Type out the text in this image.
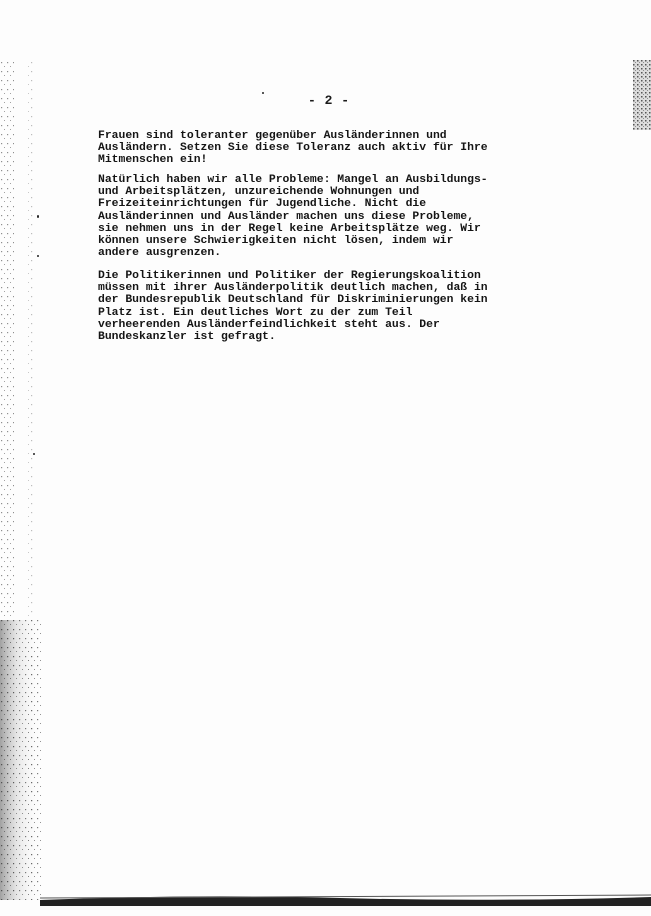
- 2 -

Frauen sind toleranter gegenüber Ausländerinnen und
Ausländern. Setzen Sie diese Toleranz auch aktiv für Ihre
Mitmenschen ein!

Natürlich haben wir alle Probleme: Mangel an Ausbildungs-
und Arbeitsplätzen, unzureichende Wohnungen und
Freizeiteinrichtungen für Jugendliche. Nicht die
Ausländerinnen und Ausländer machen uns diese Probleme,
sie nehmen uns in der Regel keine Arbeitsplätze weg. Wir
können unsere Schwierigkeiten nicht lösen, indem wir
andere ausgrenzen.

Die Politikerinnen und Politiker der Regierungskoalition
müssen mit ihrer Ausländerpolitik deutlich machen, daß in
der Bundesrepublik Deutschland für Diskriminierungen kein
Platz ist. Ein deutliches Wort zu der zum Teil
verheerenden Ausländerfeindlichkeit steht aus. Der
Bundeskanzler ist gefragt.
